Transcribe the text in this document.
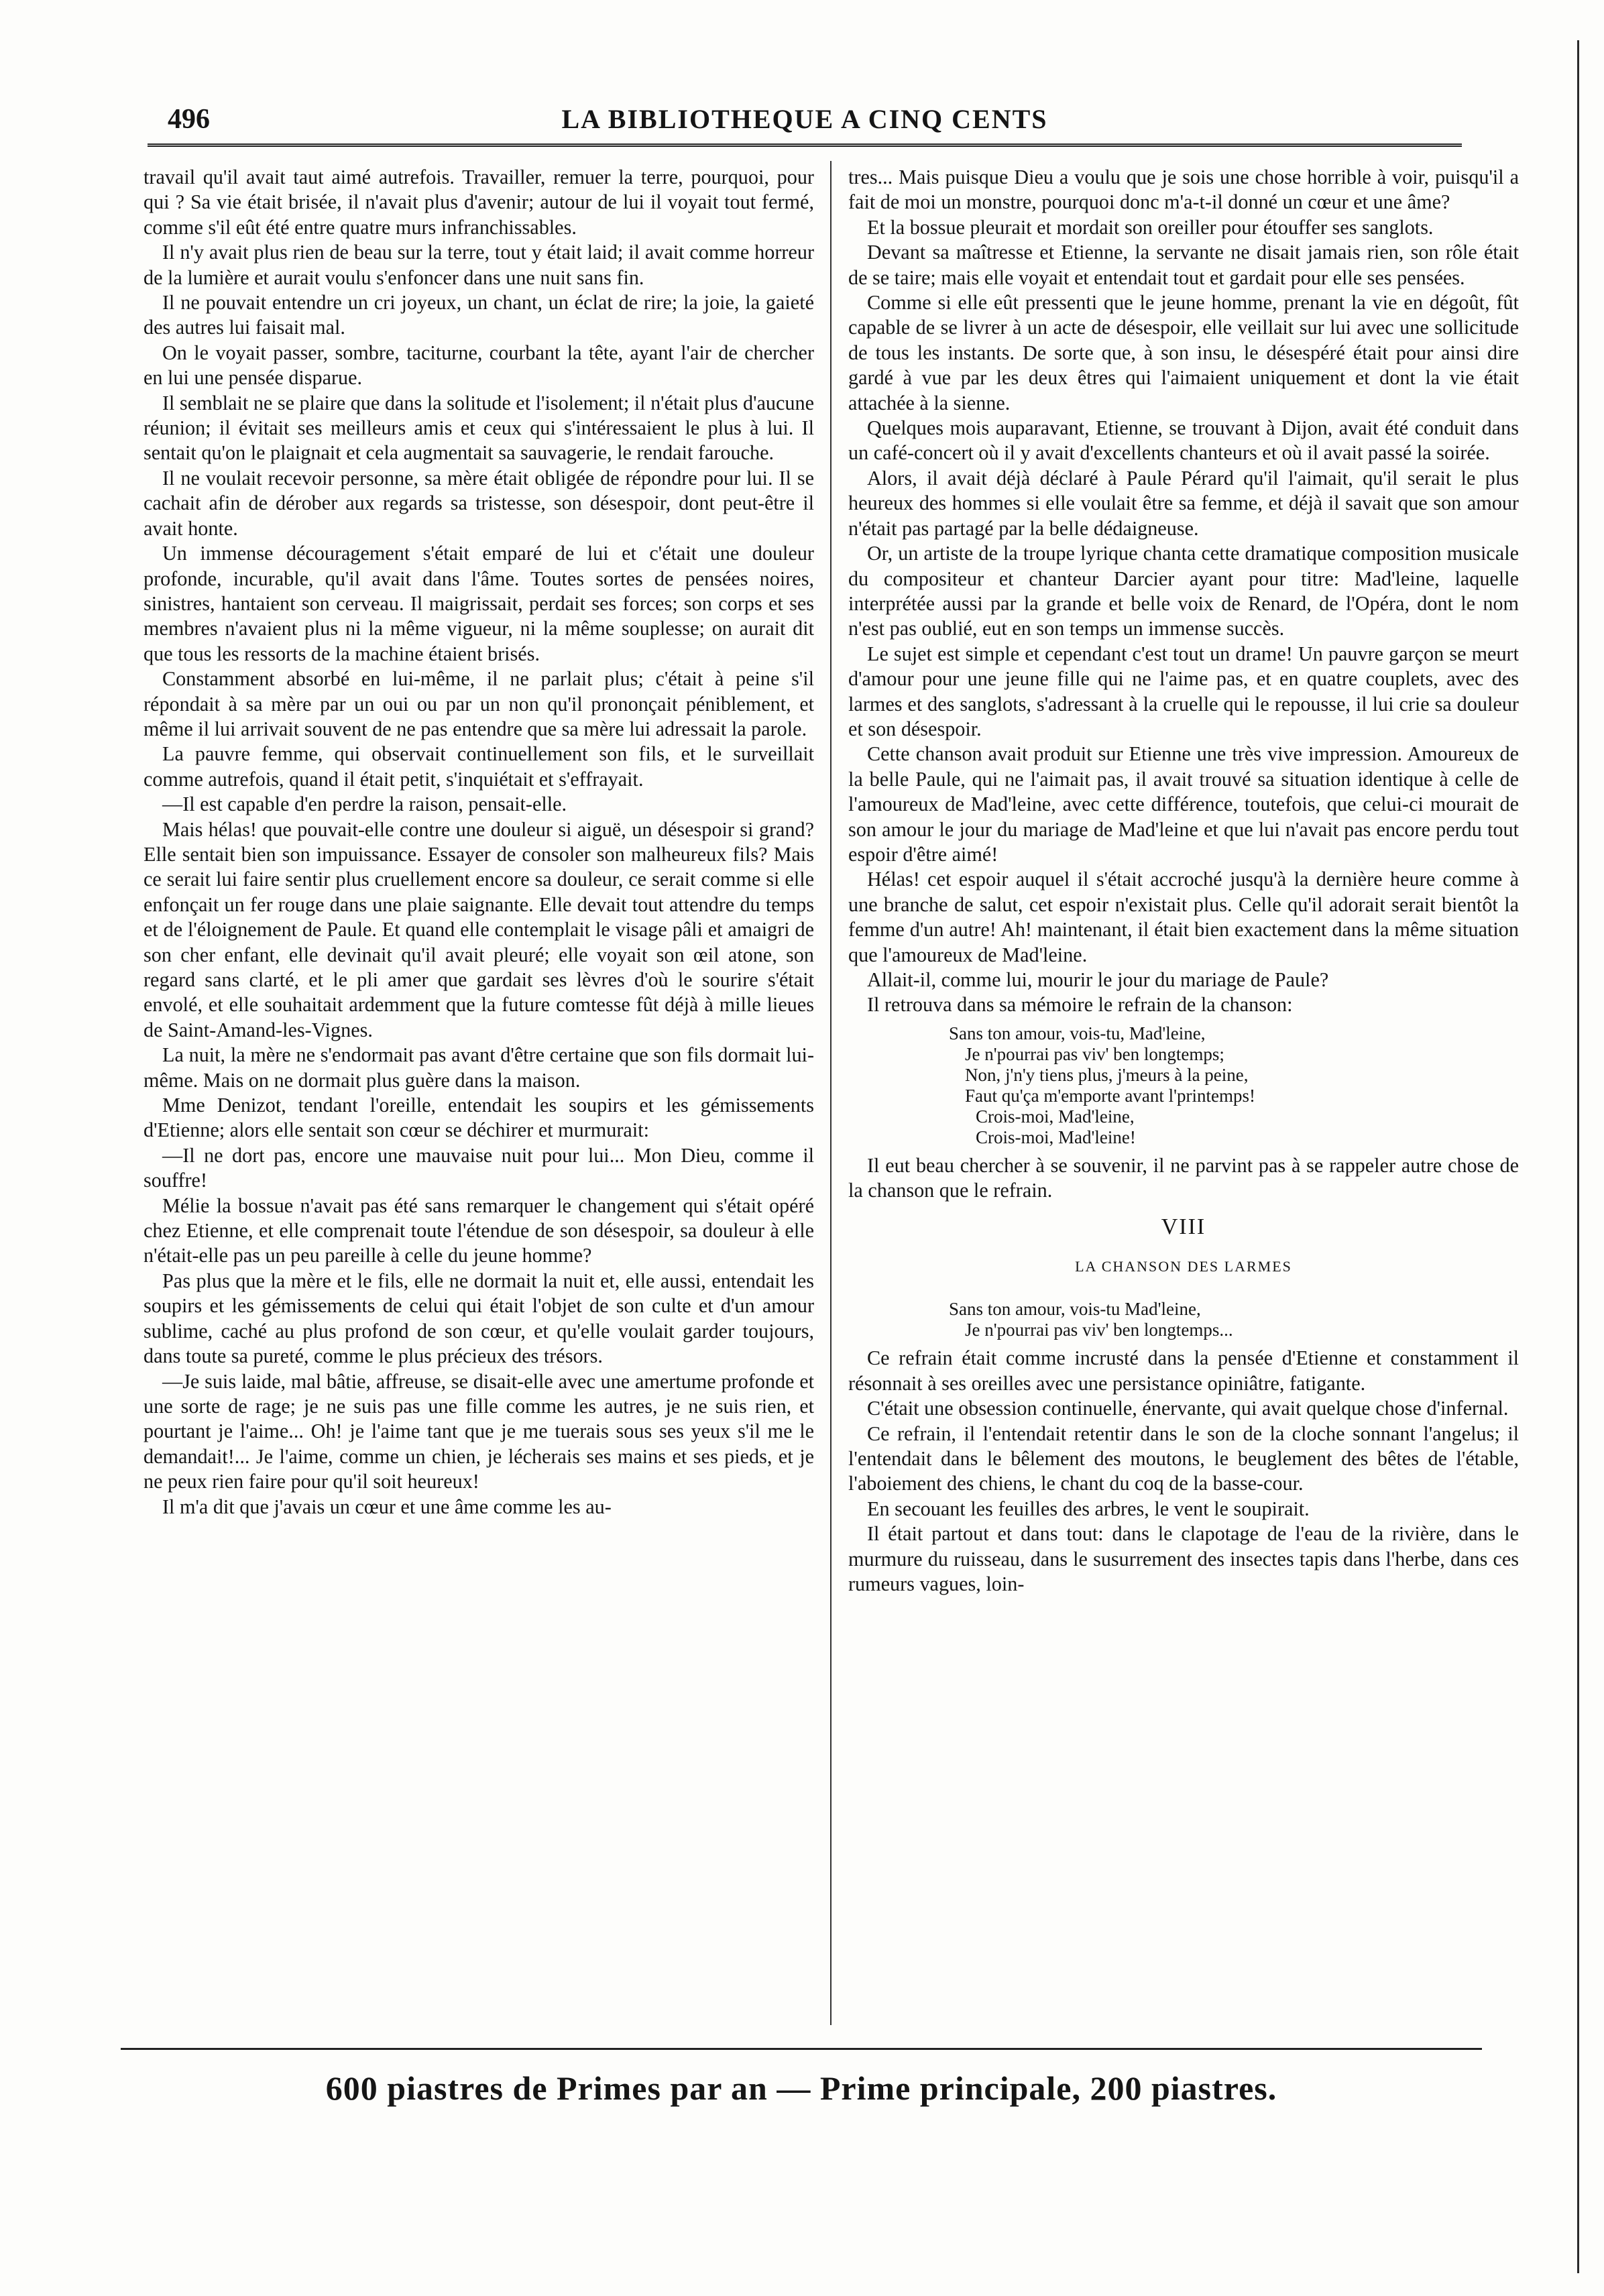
496	LA BIBLIOTHEQUE A CINQ CENTS

travail qu'il avait taut aimé autrefois. Travailler, remuer la terre, pourquoi, pour qui ? Sa vie était brisée, il n'avait plus d'avenir; autour de lui il voyait tout fermé, comme s'il eût été entre quatre murs infranchissables.

Il n'y avait plus rien de beau sur la terre, tout y était laid; il avait comme horreur de la lumière et aurait voulu s'enfoncer dans une nuit sans fin.

Il ne pouvait entendre un cri joyeux, un chant, un éclat de rire; la joie, la gaieté des autres lui faisait mal.

On le voyait passer, sombre, taciturne, courbant la tête, ayant l'air de chercher en lui une pensée disparue.

Il semblait ne se plaire que dans la solitude et l'isolement; il n'était plus d'aucune réunion; il évitait ses meilleurs amis et ceux qui s'intéressaient le plus à lui. Il sentait qu'on le plaignait et cela augmentait sa sauvagerie, le rendait farouche.

Il ne voulait recevoir personne, sa mère était obligée de répondre pour lui. Il se cachait afin de dérober aux regards sa tristesse, son désespoir, dont peut-être il avait honte.

Un immense découragement s'était emparé de lui et c'était une douleur profonde, incurable, qu'il avait dans l'âme. Toutes sortes de pensées noires, sinistres, hantaient son cerveau. Il maigrissait, perdait ses forces; son corps et ses membres n'avaient plus ni la même vigueur, ni la même souplesse; on aurait dit que tous les ressorts de la machine étaient brisés.

Constamment absorbé en lui-même, il ne parlait plus; c'était à peine s'il répondait à sa mère par un oui ou par un non qu'il prononçait péniblement, et même il lui arrivait souvent de ne pas entendre que sa mère lui adressait la parole.

La pauvre femme, qui observait continuellement son fils, et le surveillait comme autrefois, quand il était petit, s'inquiétait et s'effrayait.

—Il est capable d'en perdre la raison, pensait-elle.

Mais hélas! que pouvait-elle contre une douleur si aiguë, un désespoir si grand? Elle sentait bien son impuissance. Essayer de consoler son malheureux fils? Mais ce serait lui faire sentir plus cruellement encore sa douleur, ce serait comme si elle enfonçait un fer rouge dans une plaie saignante. Elle devait tout attendre du temps et de l'éloignement de Paule. Et quand elle contemplait le visage pâli et amaigri de son cher enfant, elle devinait qu'il avait pleuré; elle voyait son œil atone, son regard sans clarté, et le pli amer que gardait ses lèvres d'où le sourire s'était envolé, et elle souhaitait ardemment que la future comtesse fût déjà à mille lieues de Saint-Amand-les-Vignes.

La nuit, la mère ne s'endormait pas avant d'être certaine que son fils dormait lui-même. Mais on ne dormait plus guère dans la maison.

Mme Denizot, tendant l'oreille, entendait les soupirs et les gémissements d'Etienne; alors elle sentait son cœur se déchirer et murmurait:

—Il ne dort pas, encore une mauvaise nuit pour lui... Mon Dieu, comme il souffre!

Mélie la bossue n'avait pas été sans remarquer le changement qui s'était opéré chez Etienne, et elle comprenait toute l'étendue de son désespoir, sa douleur à elle n'était-elle pas un peu pareille à celle du jeune homme?

Pas plus que la mère et le fils, elle ne dormait la nuit et, elle aussi, entendait les soupirs et les gémissements de celui qui était l'objet de son culte et d'un amour sublime, caché au plus profond de son cœur, et qu'elle voulait garder toujours, dans toute sa pureté, comme le plus précieux des trésors.

—Je suis laide, mal bâtie, affreuse, se disait-elle avec une amertume profonde et une sorte de rage; je ne suis pas une fille comme les autres, je ne suis rien, et pourtant je l'aime... Oh! je l'aime tant que je me tuerais sous ses yeux s'il me le demandait!... Je l'aime, comme un chien, je lécherais ses mains et ses pieds, et je ne peux rien faire pour qu'il soit heureux!

Il m'a dit que j'avais un cœur et une âme comme les au-

tres... Mais puisque Dieu a voulu que je sois une chose horrible à voir, puisqu'il a fait de moi un monstre, pourquoi donc m'a-t-il donné un cœur et une âme?

Et la bossue pleurait et mordait son oreiller pour étouffer ses sanglots.

Devant sa maîtresse et Etienne, la servante ne disait jamais rien, son rôle était de se taire; mais elle voyait et entendait tout et gardait pour elle ses pensées.

Comme si elle eût pressenti que le jeune homme, prenant la vie en dégoût, fût capable de se livrer à un acte de désespoir, elle veillait sur lui avec une sollicitude de tous les instants. De sorte que, à son insu, le désespéré était pour ainsi dire gardé à vue par les deux êtres qui l'aimaient uniquement et dont la vie était attachée à la sienne.

Quelques mois auparavant, Etienne, se trouvant à Dijon, avait été conduit dans un café-concert où il y avait d'excellents chanteurs et où il avait passé la soirée.

Alors, il avait déjà déclaré à Paule Pérard qu'il l'aimait, qu'il serait le plus heureux des hommes si elle voulait être sa femme, et déjà il savait que son amour n'était pas partagé par la belle dédaigneuse.

Or, un artiste de la troupe lyrique chanta cette dramatique composition musicale du compositeur et chanteur Darcier ayant pour titre: Mad'leine, laquelle interprétée aussi par la grande et belle voix de Renard, de l'Opéra, dont le nom n'est pas oublié, eut en son temps un immense succès.

Le sujet est simple et cependant c'est tout un drame! Un pauvre garçon se meurt d'amour pour une jeune fille qui ne l'aime pas, et en quatre couplets, avec des larmes et des sanglots, s'adressant à la cruelle qui le repousse, il lui crie sa douleur et son désespoir.

Cette chanson avait produit sur Etienne une très vive impression. Amoureux de la belle Paule, qui ne l'aimait pas, il avait trouvé sa situation identique à celle de l'amoureux de Mad'leine, avec cette différence, toutefois, que celui-ci mourait de son amour le jour du mariage de Mad'leine et que lui n'avait pas encore perdu tout espoir d'être aimé!

Hélas! cet espoir auquel il s'était accroché jusqu'à la dernière heure comme à une branche de salut, cet espoir n'existait plus. Celle qu'il adorait serait bientôt la femme d'un autre! Ah! maintenant, il était bien exactement dans la même situation que l'amoureux de Mad'leine.

Allait-il, comme lui, mourir le jour du mariage de Paule?

Il retrouva dans sa mémoire le refrain de la chanson:

Sans ton amour, vois-tu, Mad'leine,
Je n'pourrai pas viv' ben longtemps;
Non, j'n'y tiens plus, j'meurs à la peine,
Faut qu'ça m'emporte avant l'printemps!
Crois-moi, Mad'leine,
Crois-moi, Mad'leine!

Il eut beau chercher à se souvenir, il ne parvint pas à se rappeler autre chose de la chanson que le refrain.

VIII
LA CHANSON DES LARMES
Sans ton amour, vois-tu Mad'leine,
Je n'pourrai pas viv' ben longtemps...

Ce refrain était comme incrusté dans la pensée d'Etienne et constamment il résonnait à ses oreilles avec une persistance opiniâtre, fatigante.

C'était une obsession continuelle, énervante, qui avait quelque chose d'infernal.

Ce refrain, il l'entendait retentir dans le son de la cloche sonnant l'angelus; il l'entendait dans le bêlement des moutons, le beuglement des bêtes de l'étable, l'aboiement des chiens, le chant du coq de la basse-cour.

En secouant les feuilles des arbres, le vent le soupirait.

Il était partout et dans tout: dans le clapotage de l'eau de la rivière, dans le murmure du ruisseau, dans le susurrement des insectes tapis dans l'herbe, dans ces rumeurs vagues, loin-

600 piastres de Primes par an — Prime principale, 200 piastres.
